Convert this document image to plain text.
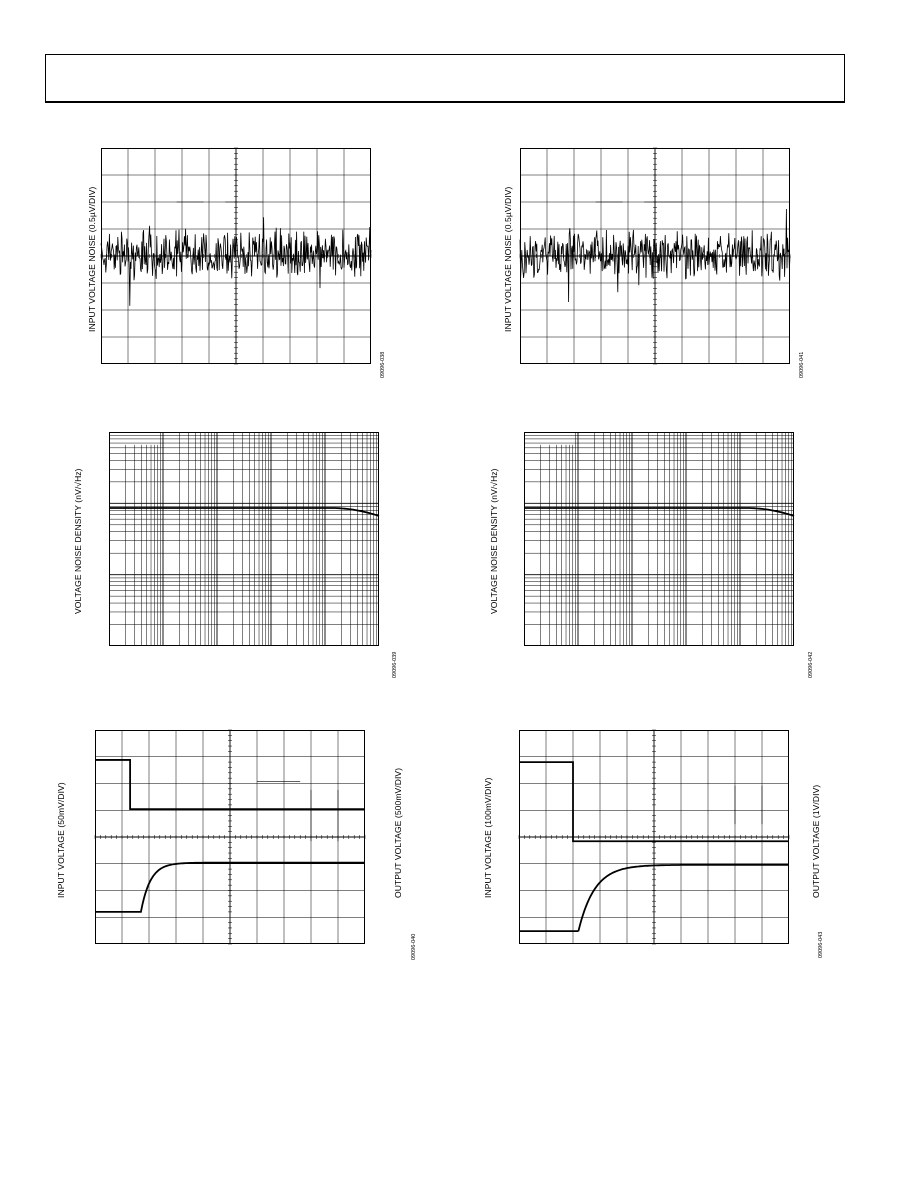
INPUT VOLTAGE NOISE (0.5µV/DIV)
09096-038
INPUT VOLTAGE NOISE (0.5µV/DIV)
09096-041
VOLTAGE NOISE DENSITY (nV/√Hz)
09096-039
VOLTAGE NOISE DENSITY (nV/√Hz)
09096-042
INPUT VOLTAGE (50mV/DIV)	OUTPUT VOLTAGE (500mV/DIV)
09096-040
INPUT VOLTAGE (100mV/DIV)	OUTPUT VOLTAGE (1V/DIV)
09096-043
